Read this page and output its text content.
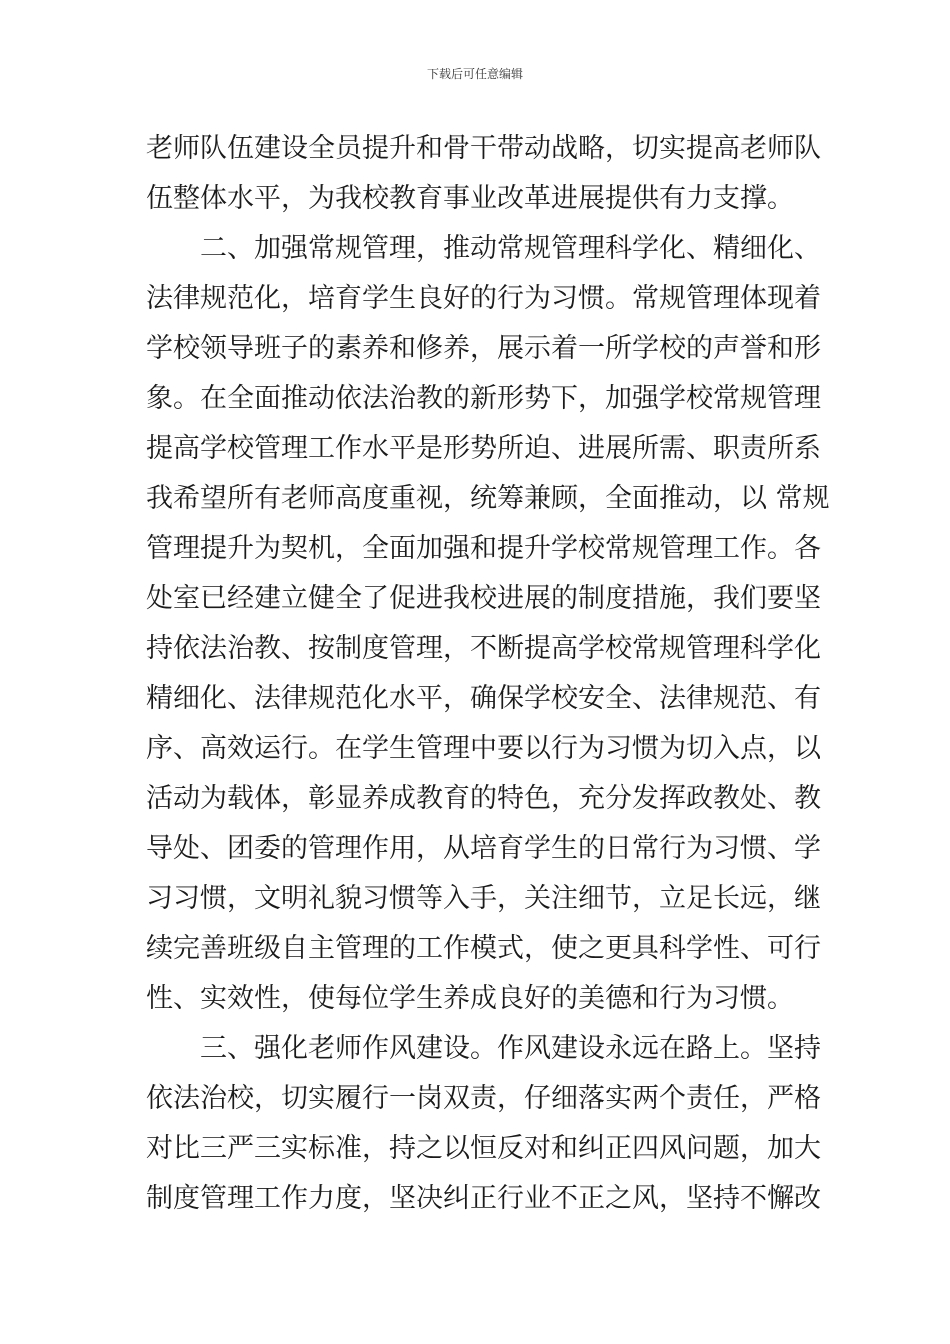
下载后可任意编辑
老师队伍建设全员提升和骨干带动战略，切实提高老师队
伍整体水平，为我校教育事业改革进展提供有力支撑。
二、加强常规管理，推动常规管理科学化、精细化、
法律规范化，培育学生良好的行为习惯。常规管理体现着
学校领导班子的素养和修养，展示着一所学校的声誉和形
象。在全面推动依法治教的新形势下，加强学校常规管理
提高学校管理工作水平是形势所迫、进展所需、职责所系
我希望所有老师高度重视，统筹兼顾，全面推动，以 常规
管理提升为契机，全面加强和提升学校常规管理工作。各
处室已经建立健全了促进我校进展的制度措施，我们要坚
持依法治教、按制度管理，不断提高学校常规管理科学化
精细化、法律规范化水平，确保学校安全、法律规范、有
序、高效运行。在学生管理中要以行为习惯为切入点，以
活动为载体，彰显养成教育的特色，充分发挥政教处、教
导处、团委的管理作用，从培育学生的日常行为习惯、学
习习惯，文明礼貌习惯等入手，关注细节，立足长远，继
续完善班级自主管理的工作模式，使之更具科学性、可行
性、实效性，使每位学生养成良好的美德和行为习惯。
三、强化老师作风建设。作风建设永远在路上。坚持
依法治校，切实履行一岗双责，仔细落实两个责任，严格
对比三严三实标准，持之以恒反对和纠正四风问题，加大
制度管理工作力度，坚决纠正行业不正之风，坚持不懈改
